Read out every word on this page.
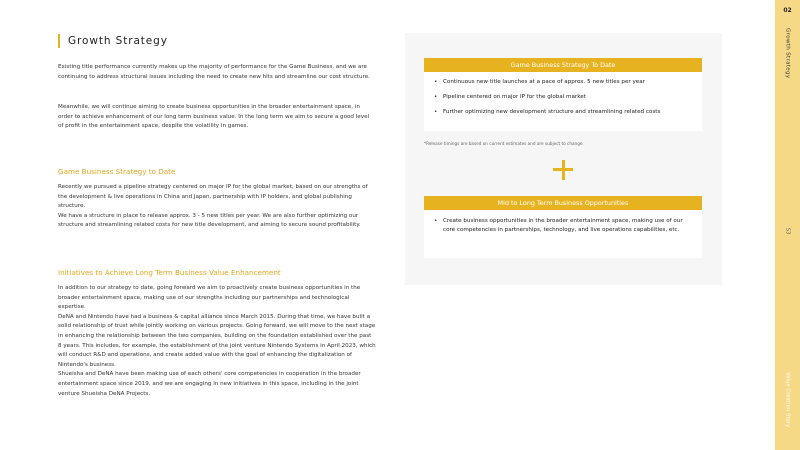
Growth Strategy

Existing title performance currently makes up the majority of performance for the Game Business, and we are continuing to address structural issues including the need to create new hits and streamline our cost structure.

Meanwhile, we will continue aiming to create business opportunities in the broader entertainment space, in order to achieve enhancement of our long term business value. In the long term we aim to secure a good level of profit in the entertainment space, despite the volatility in games.

Game Business Strategy to Date

Recently we pursued a pipeline strategy centered on major IP for the global market, based on our strengths of the development & live operations in China and Japan, partnership with IP holders, and global publishing structure.

We have a structure in place to release approx. 3 - 5 new titles per year. We are also further optimizing our structure and streamlining related costs for new title development, and aiming to secure sound profitability.

Initiatives to Achieve Long Term Business Value Enhancement

In addition to our strategy to date, going forward we aim to proactively create business opportunities in the broader entertainment space, making use of our strengths including our partnerships and technological expertise.

DeNA and Nintendo have had a business & capital alliance since March 2015. During that time, we have built a solid relationship of trust while jointly working on various projects. Going forward, we will move to the next stage in enhancing the relationship between the two companies, building on the foundation established over the past 8 years. This includes, for example, the establishment of the joint venture Nintendo Systems in April 2023, which will conduct R&D and operations, and create added value with the goal of enhancing the digitalization of Nintendo's business.

Shueisha and DeNA have been making use of each others' core competencies in cooperation in the broader entertainment space since 2019, and we are engaging in new initiatives in this space, including in the joint venture Shueisha DeNA Projects.

Game Business Strategy To Date
•	Continuous new title launches at a pace of approx. 5 new titles per year
•	Pipeline centered on major IP for the global market
•	Further optimizing new development structure and streamlining related costs
*Release timings are based on current estimates and are subject to change.
Mid to Long Term Business Opportunities
•	Create business opportunities in the broader entertainment space, making use of our core competencies in partnerships, technology, and live operations capabilities, etc.
02
Growth Strategy
53
Value Creation Story
